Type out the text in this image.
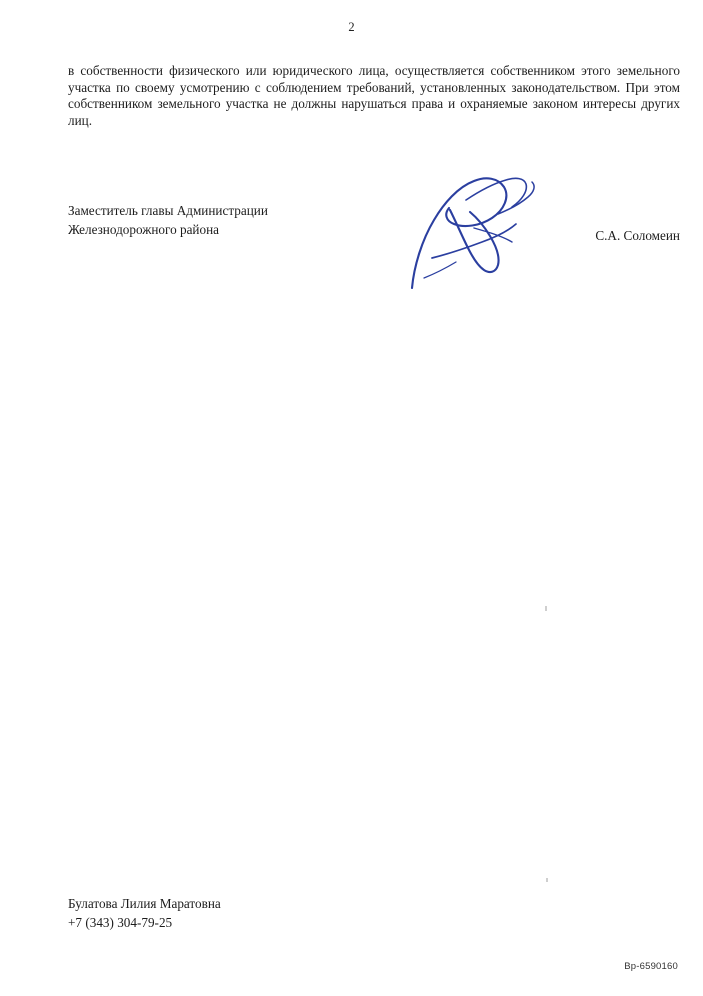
2

в собственности физического или юридического лица, осуществляется собственником этого земельного участка по своему усмотрению с соблюдением требований, установленных законодательством. При этом собственником земельного участка не должны нарушаться права и охраняемые законом интересы других лиц.

Заместитель главы Администрации
Железнодорожного района	С.А. Соломеин
Булатова Лилия Маратовна
+7 (343) 304-79-25
Вр-6590160
